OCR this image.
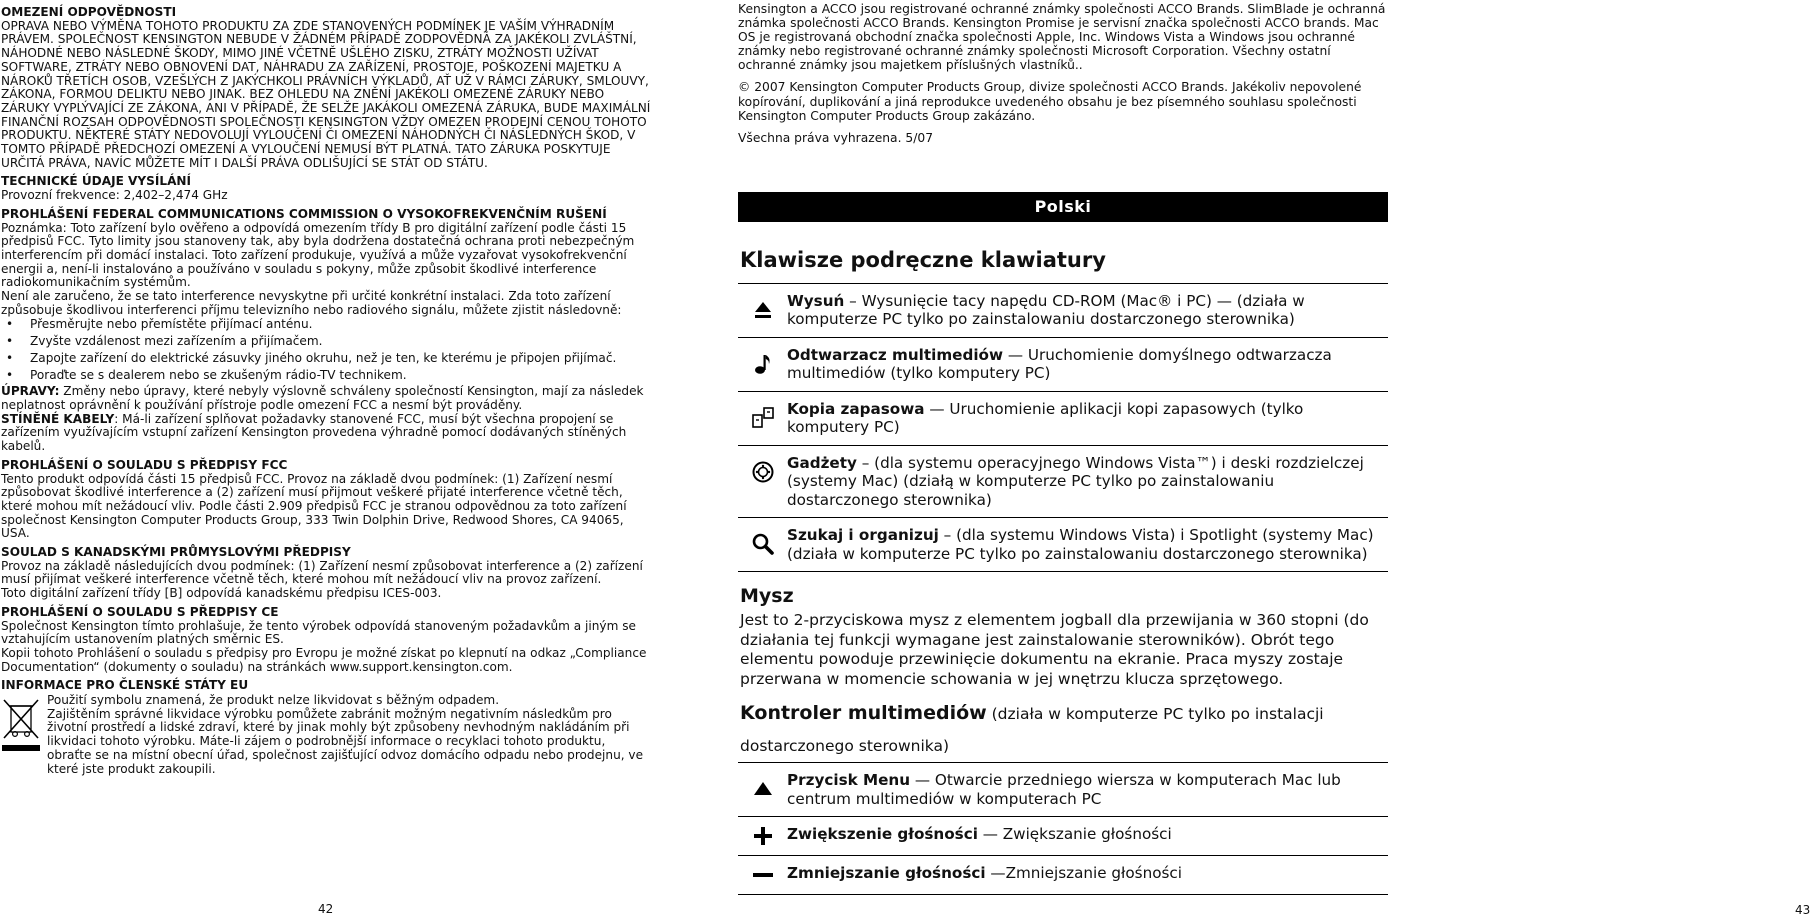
OMEZENÍ ODPOVĚDNOSTI

OPRAVA NEBO VÝMĚNA TOHOTO PRODUKTU ZA ZDE STANOVENÝCH PODMÍNEK JE VAŠÍM VÝHRADNÍM PRÁVEM. SPOLEČNOST KENSINGTON NEBUDE V ŽÁDNÉM PŘÍPADĚ ZODPOVĚDNÁ ZA JAKÉKOLI ZVLÁŠTNÍ, NÁHODNÉ NEBO NÁSLEDNÉ ŠKODY, MIMO JINÉ VČETNĚ UŠLÉHO ZISKU, ZTRÁTY MOŽNOSTI UŽÍVAT SOFTWARE, ZTRÁTY NEBO OBNOVENÍ DAT, NÁHRADU ZA ZAŘÍZENÍ, PROSTOJE, POŠKOZENÍ MAJETKU A NÁROKŮ TŘETÍCH OSOB, VZEŠLÝCH Z JAKÝCHKOLI PRÁVNÍCH VÝKLADŮ, AŤ UŽ V RÁMCI ZÁRUKY, SMLOUVY, ZÁKONA, FORMOU DELIKTU NEBO JINAK. BEZ OHLEDU NA ZNĚNÍ JAKÉKOLI OMEZENÉ ZÁRUKY NEBO ZÁRUKY VYPLÝVAJÍCÍ ZE ZÁKONA, ANI V PŘÍPADĚ, ŽE SELŽE JAKÁKOLI OMEZENÁ ZÁRUKA, BUDE MAXIMÁLNÍ FINANČNÍ ROZSAH ODPOVĚDNOSTI SPOLEČNOSTI KENSINGTON VŽDY OMEZEN PRODEJNÍ CENOU TOHOTO PRODUKTU. NĚKTERÉ STÁTY NEDOVOLUJÍ VYLOUČENÍ ČI OMEZENÍ NÁHODNÝCH ČI NÁSLEDNÝCH ŠKOD, V TOMTO PŘÍPADĚ PŘEDCHOZÍ OMEZENÍ A VYLOUČENÍ NEMUSÍ BÝT PLATNÁ. TATO ZÁRUKA POSKYTUJE URČITÁ PRÁVA, NAVÍC MŮŽETE MÍT I DALŠÍ PRÁVA ODLIŠUJÍCÍ SE STÁT OD STÁTU.

TECHNICKÉ ÚDAJE VYSÍLÁNÍ

Provozní frekvence: 2,402–2,474 GHz

PROHLÁŠENÍ FEDERAL COMMUNICATIONS COMMISSION O VYSOKOFREKVENČNÍM RUŠENÍ

Poznámka: Toto zařízení bylo ověřeno a odpovídá omezením třídy B pro digitální zařízení podle části 15 předpisů FCC. Tyto limity jsou stanoveny tak, aby byla dodržena dostatečná ochrana proti nebezpečným interferencím při domácí instalaci. Toto zařízení produkuje, využívá a může vyzařovat vysokofrekvenční energii a, není-li instalováno a používáno v souladu s pokyny, může způsobit škodlivé interference radiokomunikačním systémům.

Není ale zaručeno, že se tato interference nevyskytne při určité konkrétní instalaci. Zda toto zařízení způsobuje škodlivou interferenci příjmu televizního nebo radiového signálu, můžete zjistit následovně:

• Přesměrujte nebo přemístěte přijímací anténu.
• Zvyšte vzdálenost mezi zařízením a přijímačem.
• Zapojte zařízení do elektrické zásuvky jiného okruhu, než je ten, ke kterému je připojen přijímač.
• Poraďte se s dealerem nebo se zkušeným rádio-TV technikem.

ÚPRAVY: Změny nebo úpravy, které nebyly výslovně schváleny společností Kensington, mají za následek neplatnost oprávnění k používání přístroje podle omezení FCC a nesmí být prováděny.

STÍNĚNÉ KABELY: Má-li zařízení splňovat požadavky stanovené FCC, musí být všechna propojení se zařízením využívajícím vstupní zařízení Kensington provedena výhradně pomocí dodávaných stíněných kabelů.

PROHLÁŠENÍ O SOULADU S PŘEDPISY FCC

Tento produkt odpovídá části 15 předpisů FCC. Provoz na základě dvou podmínek: (1) Zařízení nesmí způsobovat škodlivé interference a (2) zařízení musí přijmout veškeré přijaté interference včetně těch, které mohou mít nežádoucí vliv. Podle části 2.909 předpisů FCC je stranou odpovědnou za toto zařízení společnost Kensington Computer Products Group, 333 Twin Dolphin Drive, Redwood Shores, CA 94065, USA.

SOULAD S KANADSKÝMI PRŮMYSLOVÝMI PŘEDPISY

Provoz na základě následujících dvou podmínek: (1) Zařízení nesmí způsobovat interference a (2) zařízení musí přijímat veškeré interference včetně těch, které mohou mít nežádoucí vliv na provoz zařízení.

Toto digitální zařízení třídy [B] odpovídá kanadskému předpisu ICES-003.

PROHLÁŠENÍ O SOULADU S PŘEDPISY CE

Společnost Kensington tímto prohlašuje, že tento výrobek odpovídá stanoveným požadavkům a jiným se vztahujícím ustanovením platných směrnic ES.

Kopii tohoto Prohlášení o souladu s předpisy pro Evropu je možné získat po klepnutí na odkaz „Compliance Documentation“ (dokumenty o souladu) na stránkách www.support.kensington.com.

INFORMACE PRO ČLENSKÉ STÁTY EU

Použití symbolu znamená, že produkt nelze likvidovat s běžným odpadem.

Zajištěním správné likvidace výrobku pomůžete zabránit možným negativním následkům pro životní prostředí a lidské zdraví, které by jinak mohly být způsobeny nevhodným nakládáním při likvidaci tohoto výrobku. Máte-li zájem o podrobnější informace o recyklaci tohoto produktu, obraťte se na místní obecní úřad, společnost zajišťující odvoz domácího odpadu nebo prodejnu, ve které jste produkt zakoupili.

42

Kensington a ACCO jsou registrované ochranné známky společnosti ACCO Brands. SlimBlade je ochranná známka společnosti ACCO Brands. Kensington Promise je servisní značka společnosti ACCO brands. Mac OS je registrovaná obchodní značka společnosti Apple, Inc. Windows Vista a Windows jsou ochranné známky nebo registrované ochranné známky společnosti Microsoft Corporation. Všechny ostatní ochranné známky jsou majetkem příslušných vlastníků..

© 2007 Kensington Computer Products Group, divize společnosti ACCO Brands. Jakékoliv nepovolené kopírování, duplikování a jiná reprodukce uvedeného obsahu je bez písemného souhlasu společnosti Kensington Computer Products Group zakázáno.

Všechna práva vyhrazena. 5/07

Polski
Klawisze podręczne klawiatury
Wysuń – Wysunięcie tacy napędu CD-ROM (Mac® i PC) — (działa w komputerze PC tylko po zainstalowaniu dostarczonego sterownika)
Odtwarzacz multimediów — Uruchomienie domyślnego odtwarzacza multimediów (tylko komputery PC)
Kopia zapasowa — Uruchomienie aplikacji kopi zapasowych (tylko komputery PC)
Gadżety – (dla systemu operacyjnego Windows Vista™) i deski rozdzielczej (systemy Mac) (działą w komputerze PC tylko po zainstalowaniu dostarczonego sterownika)
Szukaj i organizuj – (dla systemu Windows Vista) i Spotlight (systemy Mac) (działa w komputerze PC tylko po zainstalowaniu dostarczonego sterownika)
Mysz

Jest to 2-przyciskowa mysz z elementem jogball dla przewijania w 360 stopni (do działania tej funkcji wymagane jest zainstalowanie sterowników). Obrót tego elementu powoduje przewinięcie dokumentu na ekranie. Praca myszy zostaje przerwana w momencie schowania w jej wnętrzu klucza sprzętowego.

Kontroler multimediów (działa w komputerze PC tylko po instalacji dostarczonego sterownika)
Przycisk Menu — Otwarcie przedniego wiersza w komputerach Mac lub centrum multimediów w komputerach PC
Zwiększenie głośności — Zwiększanie głośności
Zmniejszanie głośności —Zmniejszanie głośności
43
